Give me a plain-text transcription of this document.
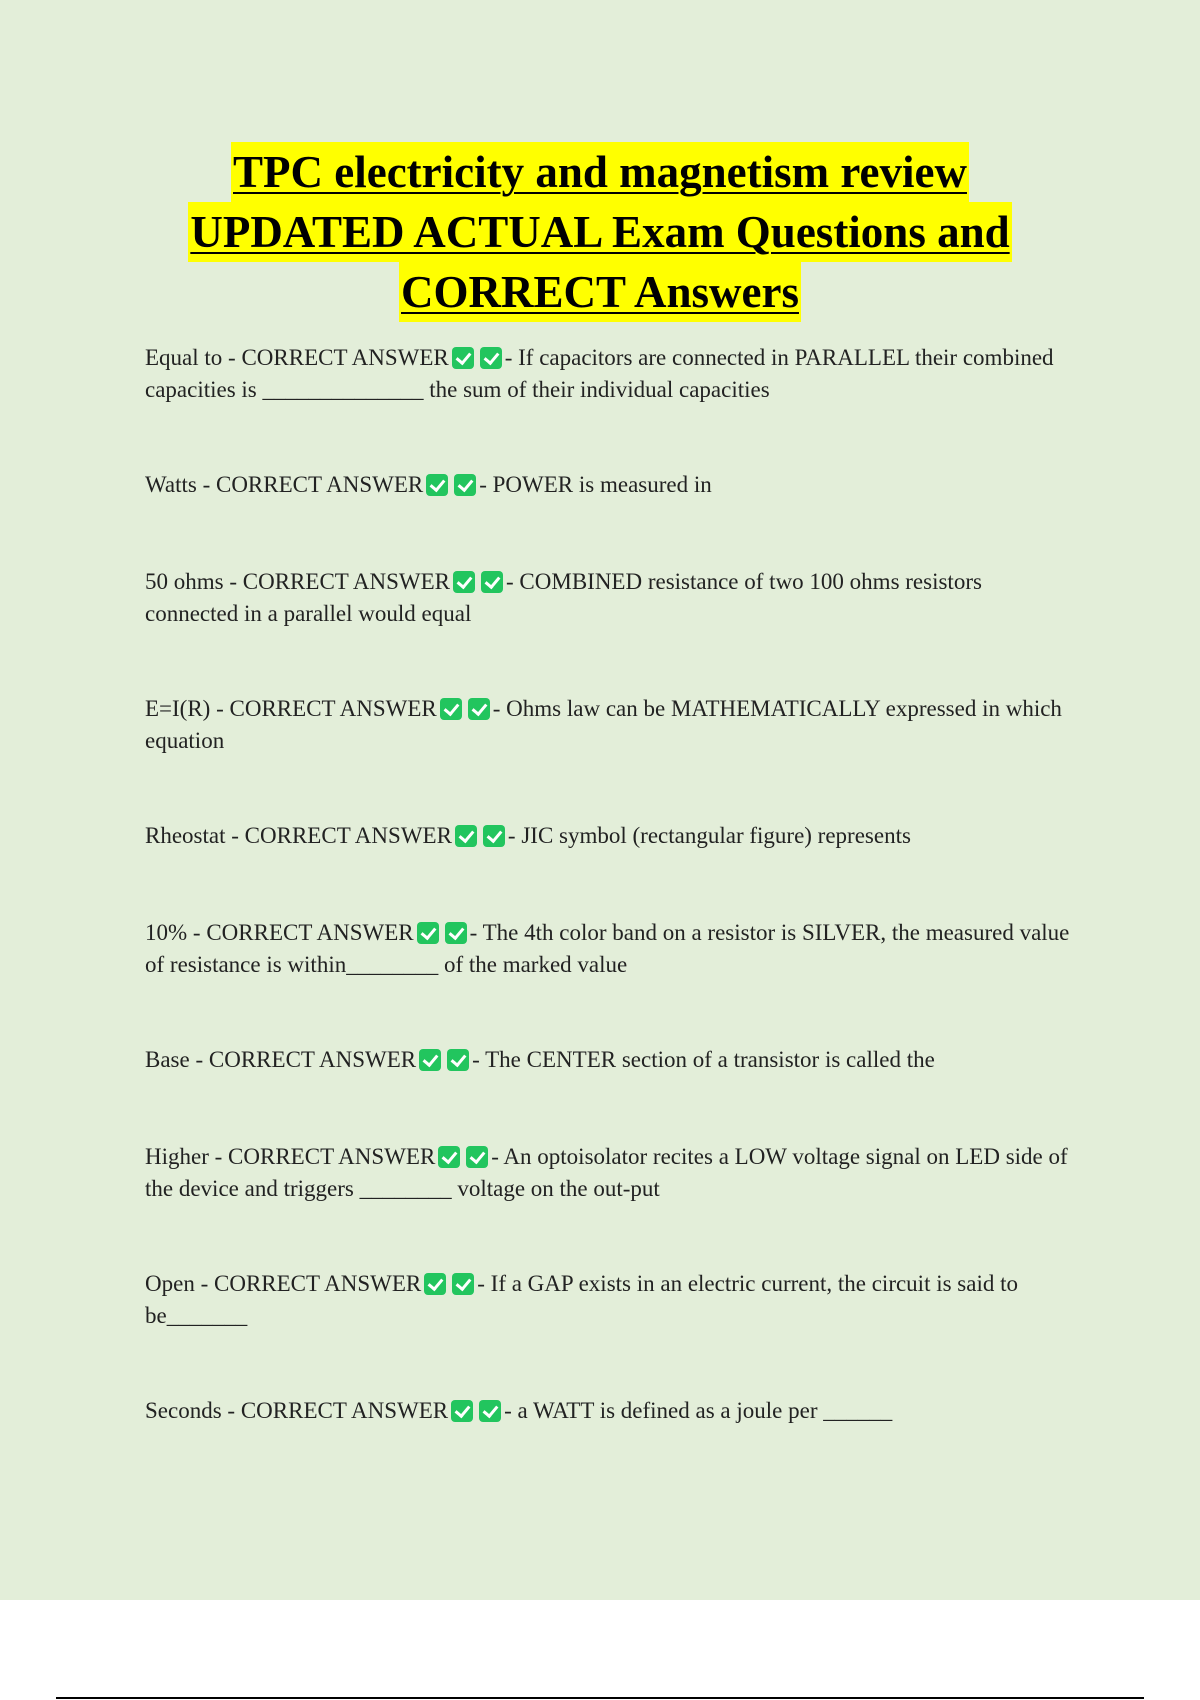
TPC electricity and magnetism review
UPDATED ACTUAL Exam Questions and
CORRECT Answers
Equal to - CORRECT ANSWER - If capacitors are connected in PARALLEL their combined capacities is ______________ the sum of their individual capacities
Watts - CORRECT ANSWER - POWER is measured in
50 ohms - CORRECT ANSWER - COMBINED resistance of two 100 ohms resistors connected in a parallel would equal
E=I(R) - CORRECT ANSWER - Ohms law can be MATHEMATICALLY expressed in which equation
Rheostat - CORRECT ANSWER - JIC symbol (rectangular figure) represents
10% - CORRECT ANSWER - The 4th color band on a resistor is SILVER, the measured value of resistance is within________ of the marked value
Base - CORRECT ANSWER - The CENTER section of a transistor is called the
Higher - CORRECT ANSWER - An optoisolator recites a LOW voltage signal on LED side of the device and triggers ________ voltage on the out-put
Open - CORRECT ANSWER - If a GAP exists in an electric current, the circuit is said to be_______
Seconds - CORRECT ANSWER - a WATT is defined as a joule per ______
